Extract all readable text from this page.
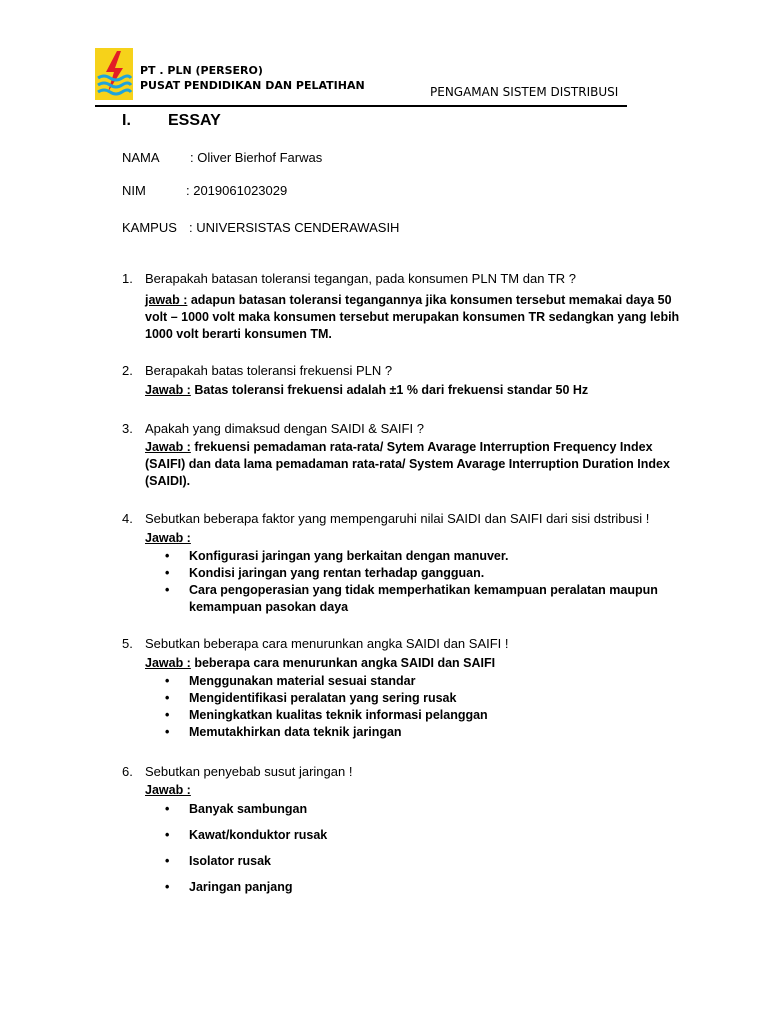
PT . PLN (PERSERO)
PUSAT PENDIDIKAN DAN PELATIHAN	PENGAMAN SISTEM DISTRIBUSI
I. ESSAY
NAMA : Oliver Bierhof Farwas
NIM	: 2019061023029
KAMPUS : UNIVERSISTAS CENDERAWASIH
1. Berapakah batasan toleransi tegangan, pada konsumen PLN TM dan TR ?
jawab : adapun batasan toleransi tegangannya jika konsumen tersebut memakai daya 50 volt – 1000 volt maka konsumen tersebut merupakan konsumen TR sedangkan yang lebih 1000 volt berarti konsumen TM.
2. Berapakah batas toleransi frekuensi PLN ?
Jawab : Batas toleransi frekuensi adalah ±1 % dari frekuensi standar 50 Hz
3. Apakah yang dimaksud dengan SAIDI & SAIFI ?
Jawab : frekuensi pemadaman rata-rata/ Sytem Avarage Interruption Frequency Index (SAIFI) dan data lama pemadaman rata-rata/ System Avarage Interruption Duration Index (SAIDI).
4. Sebutkan beberapa faktor yang mempengaruhi nilai SAIDI dan SAIFI dari sisi dstribusi !
Jawab :
• Konfigurasi jaringan yang berkaitan dengan manuver.
• Kondisi jaringan yang rentan terhadap gangguan.
• Cara pengoperasian yang tidak memperhatikan kemampuan peralatan maupun kemampuan pasokan daya
5. Sebutkan beberapa cara menurunkan angka SAIDI dan SAIFI !
Jawab : beberapa cara menurunkan angka SAIDI dan SAIFI
• Menggunakan material sesuai standar
• Mengidentifikasi peralatan yang sering rusak
• Meningkatkan kualitas teknik informasi pelanggan
• Memutakhirkan data teknik jaringan
6. Sebutkan penyebab susut jaringan !
Jawab :
• Banyak sambungan
• Kawat/konduktor rusak
• Isolator rusak
• Jaringan panjang
